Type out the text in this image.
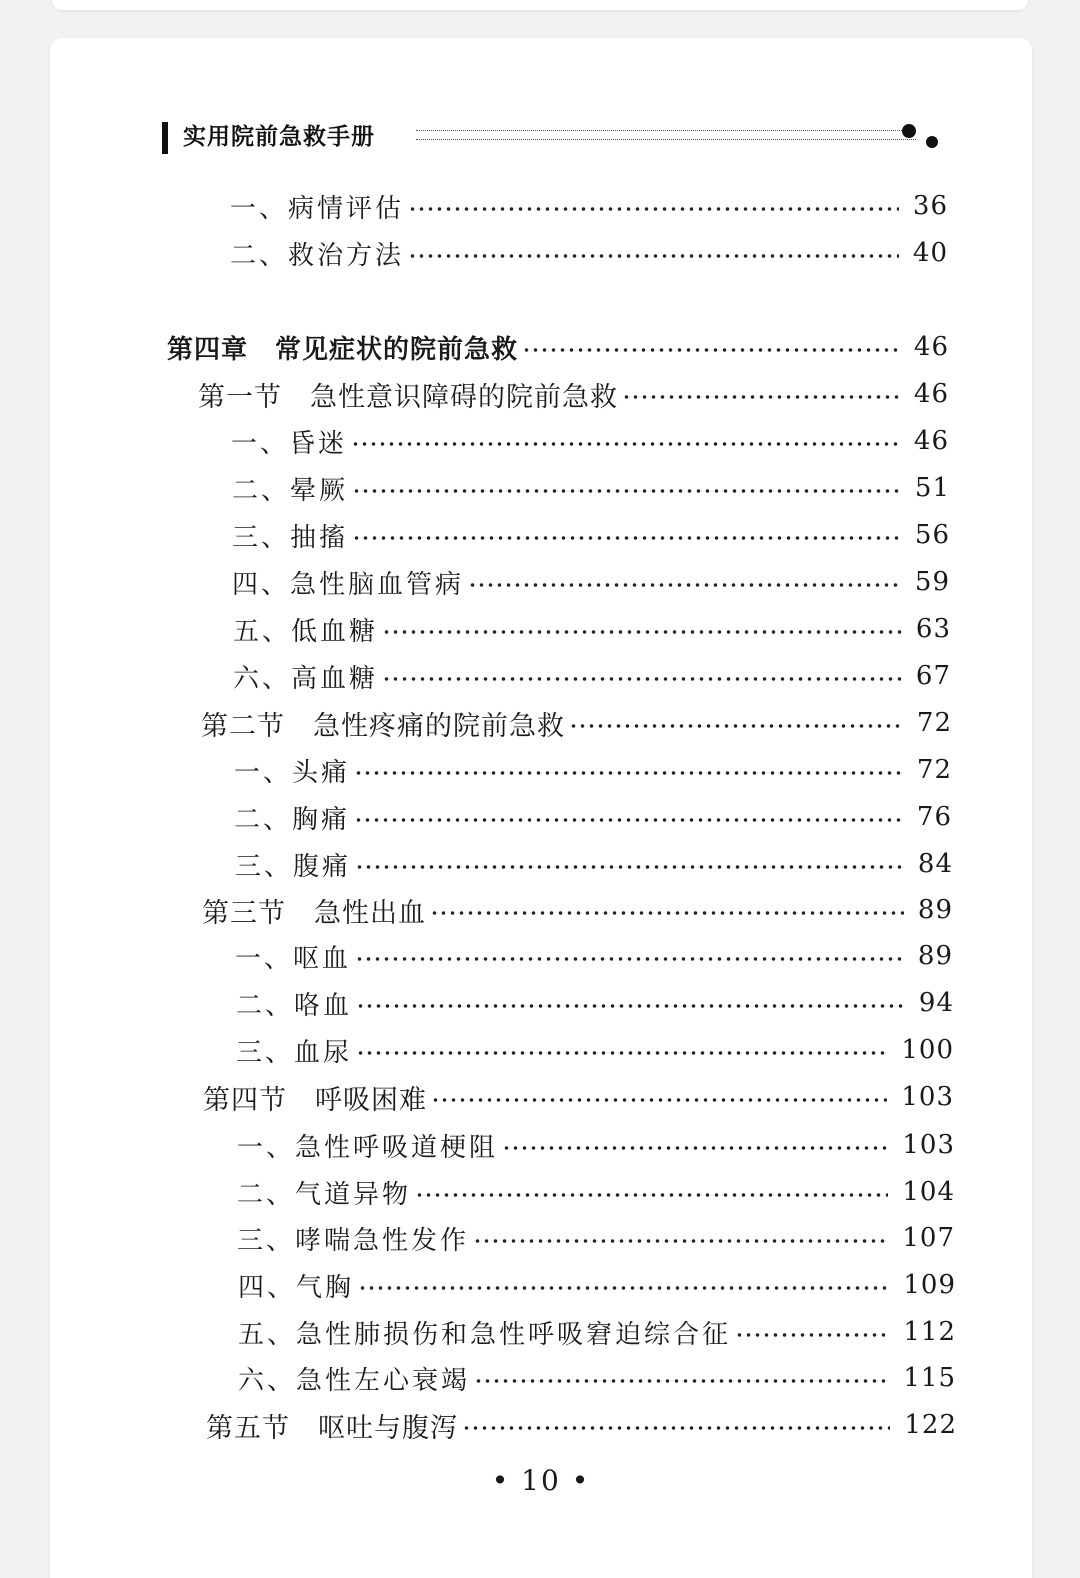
实用院前急救手册
一、病情评估	36
二、救治方法	40
第四章　常见症状的院前急救	46
第一节　急性意识障碍的院前急救	46
一、昏迷	46
二、晕厥	51
三、抽搐	56
四、急性脑血管病	59
五、低血糖	63
六、高血糖	67
第二节　急性疼痛的院前急救	72
一、头痛	72
二、胸痛	76
三、腹痛	84
第三节　急性出血	89
一、呕血	89
二、咯血	94
三、血尿	100
第四节　呼吸困难	103
一、急性呼吸道梗阻	103
二、气道异物	104
三、哮喘急性发作	107
四、气胸	109
五、急性肺损伤和急性呼吸窘迫综合征	112
六、急性左心衰竭	115
第五节　呕吐与腹泻	122
• 10 •
